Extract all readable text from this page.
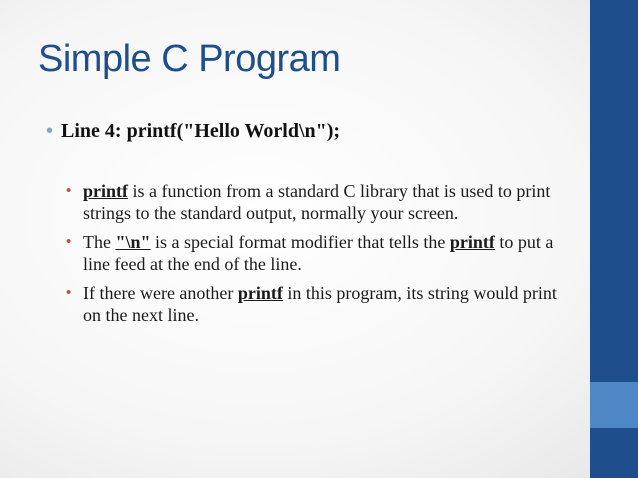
Simple C Program
• Line 4: printf("Hello World\n");
• printf is a function from a standard C library that is used to print strings to the standard output, normally your screen.
• The "\n" is a special format modifier that tells the printf to put a line feed at the end of the line.
• If there were another printf in this program, its string would print on the next line.
